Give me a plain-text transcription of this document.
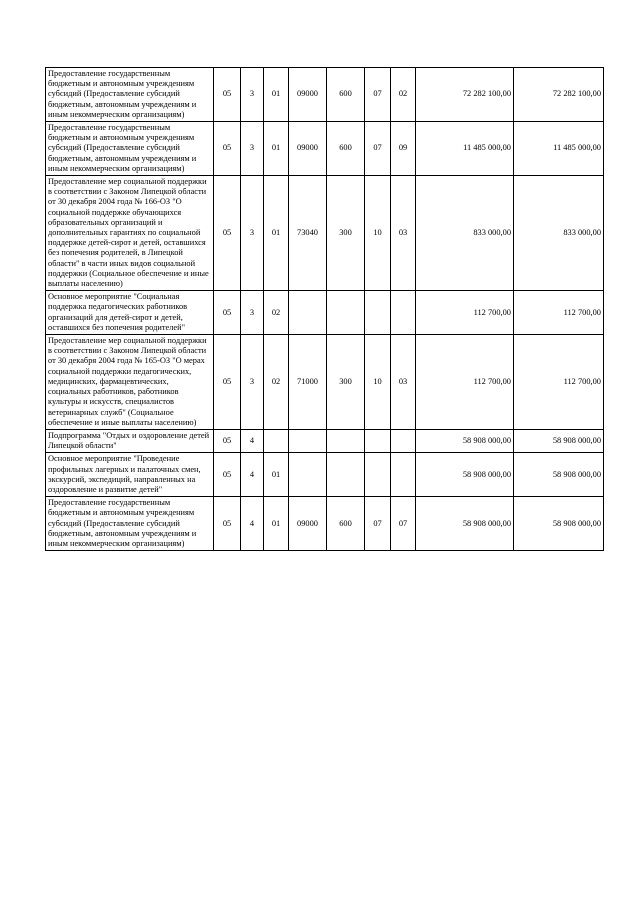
Предоставление государственным бюджетным и автономным учреждениям субсидий (Предоставление субсидий бюджетным, автономным учреждениям и иным некоммерческим организациям)	05	3	01	09000	600	07	02	72 282 100,00	72 282 100,00
Предоставление государственным бюджетным и автономным учреждениям субсидий (Предоставление субсидий бюджетным, автономным учреждениям и иным некоммерческим организациям)	05	3	01	09000	600	07	09	11 485 000,00	11 485 000,00
Предоставление мер социальной поддержки в соответствии с Законом Липецкой области от 30 декабря 2004 года № 166-ОЗ "О социальной поддержке обучающихся образовательных организаций и дополнительных гарантиях по социальной поддержке детей-сирот и детей, оставшихся без попечения родителей, в Липецкой области" в части иных видов социальной поддержки (Социальное обеспечение и иные выплаты населению)	05	3	01	73040	300	10	03	833 000,00	833 000,00
Основное мероприятие "Социальная поддержка педагогических работников организаций для детей-сирот и детей, оставшихся без попечения родителей"	05	3	02					112 700,00	112 700,00
Предоставление мер социальной поддержки в соответствии с Законом Липецкой области от 30 декабря 2004 года № 165-ОЗ "О мерах социальной поддержки педагогических, медицинских, фармацевтических, социальных работников, работников культуры и искусств, специалистов ветеринарных служб" (Социальное обеспечение и иные выплаты населению)	05	3	02	71000	300	10	03	112 700,00	112 700,00
Подпрограмма "Отдых и оздоровление детей Липецкой области"	05	4						58 908 000,00	58 908 000,00
Основное мероприятие "Проведение профильных лагерных и палаточных смен, экскурсий, экспедиций, направленных на оздоровление и развитие детей"	05	4	01					58 908 000,00	58 908 000,00
Предоставление государственным бюджетным и автономным учреждениям субсидий (Предоставление субсидий бюджетным, автономным учреждениям и иным некоммерческим организациям)	05	4	01	09000	600	07	07	58 908 000,00	58 908 000,00
